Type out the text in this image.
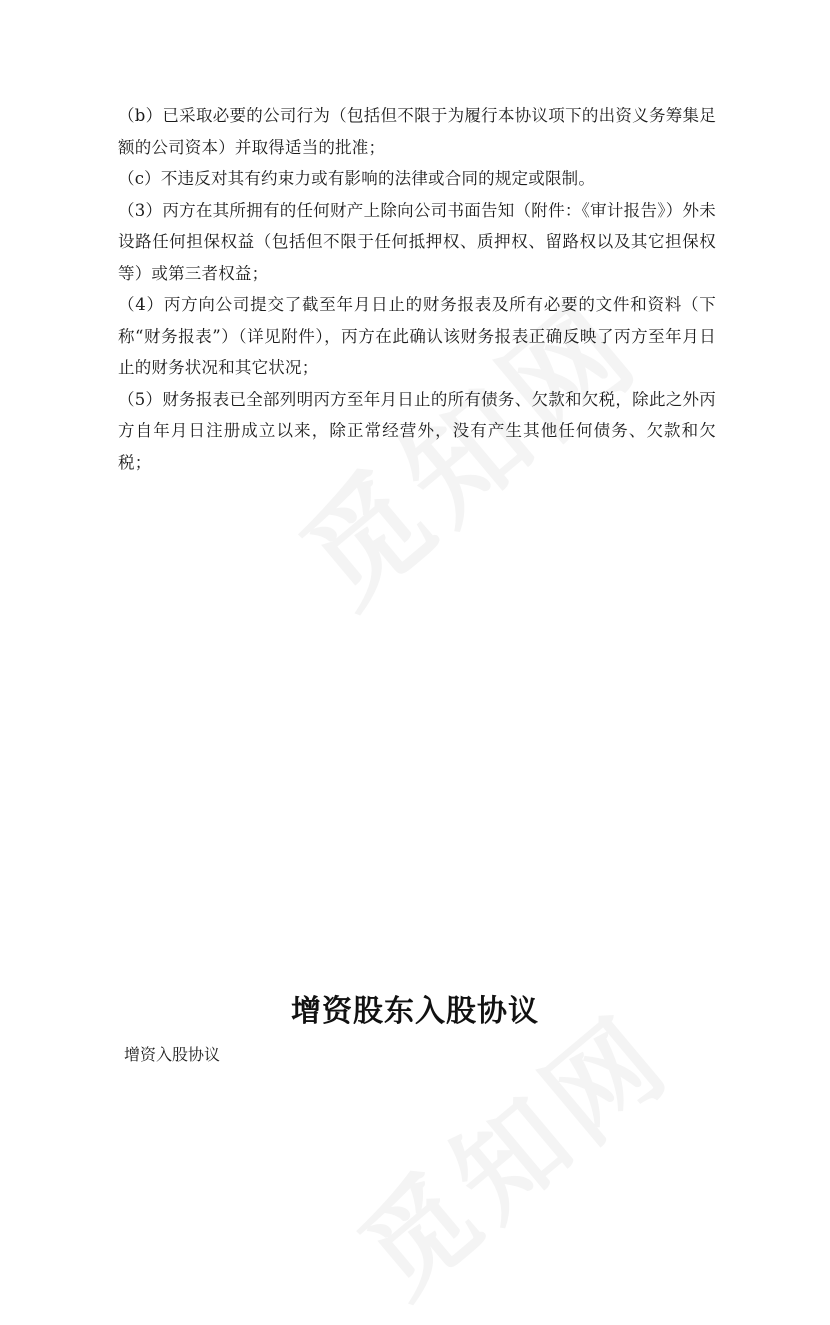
（b）已采取必要的公司行为（包括但不限于为履行本协议项下的出资义务筹集足额的公司资本）并取得适当的批准；

（c）不违反对其有约束力或有影响的法律或合同的规定或限制。

（3）丙方在其所拥有的任何财产上除向公司书面告知（附件：《审计报告》）外未设路任何担保权益（包括但不限于任何抵押权、质押权、留路权以及其它担保权等）或第三者权益；

（4）丙方向公司提交了截至年月日止的财务报表及所有必要的文件和资料（下称“财务报表”）（详见附件），丙方在此确认该财务报表正确反映了丙方至年月日止的财务状况和其它状况；

（5）财务报表已全部列明丙方至年月日止的所有债务、欠款和欠税，除此之外丙方自年月日注册成立以来，除正常经营外，没有产生其他任何债务、欠款和欠税；

增资股东入股协议
增资入股协议
